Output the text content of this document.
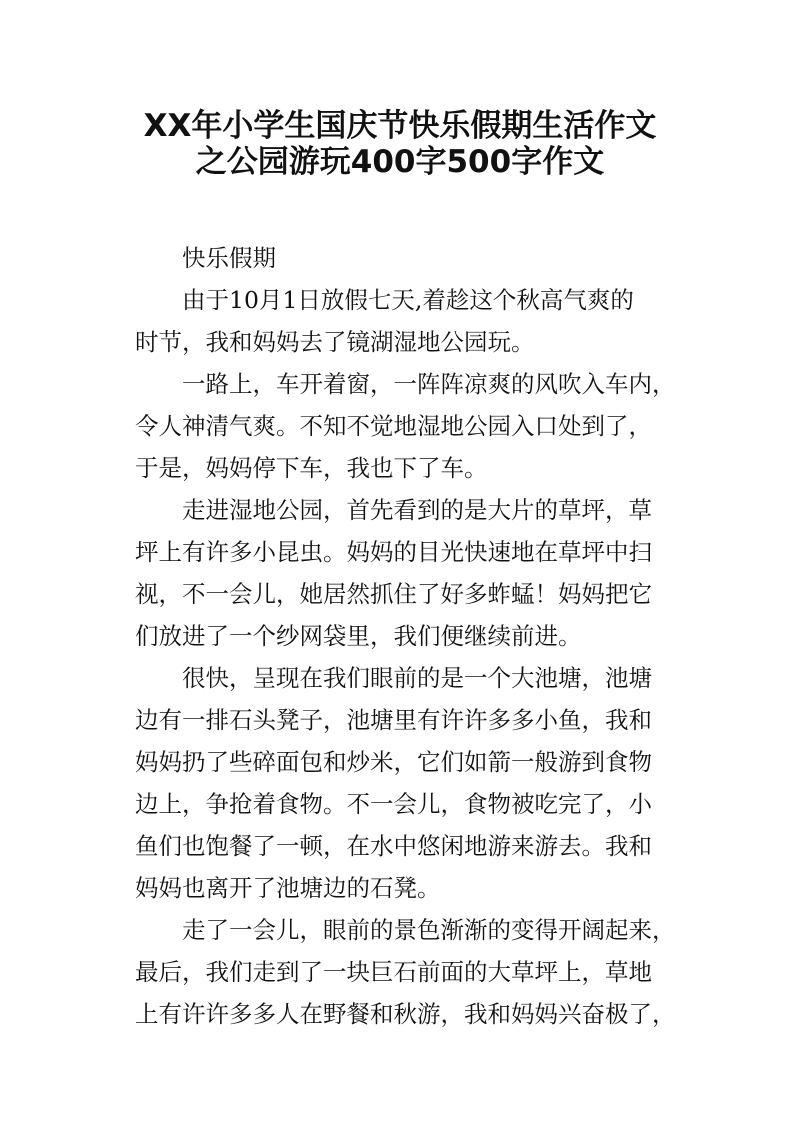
XX年小学生国庆节快乐假期生活作文
之公园游玩400字500字作文
快乐假期
由于10月1日放假七天,着趁这个秋高气爽的
时节，我和妈妈去了镜湖湿地公园玩。
一路上，车开着窗，一阵阵凉爽的风吹入车内，
令人神清气爽。不知不觉地湿地公园入口处到了，
于是，妈妈停下车，我也下了车。
走进湿地公园，首先看到的是大片的草坪，草
坪上有许多小昆虫。妈妈的目光快速地在草坪中扫
视，不一会儿，她居然抓住了好多蚱蜢！妈妈把它
们放进了一个纱网袋里，我们便继续前进。
很快，呈现在我们眼前的是一个大池塘，池塘
边有一排石头凳子，池塘里有许许多多小鱼，我和
妈妈扔了些碎面包和炒米，它们如箭一般游到食物
边上，争抢着食物。不一会儿，食物被吃完了，小
鱼们也饱餐了一顿，在水中悠闲地游来游去。我和
妈妈也离开了池塘边的石凳。
走了一会儿，眼前的景色渐渐的变得开阔起来，
最后，我们走到了一块巨石前面的大草坪上，草地
上有许许多多人在野餐和秋游，我和妈妈兴奋极了，
